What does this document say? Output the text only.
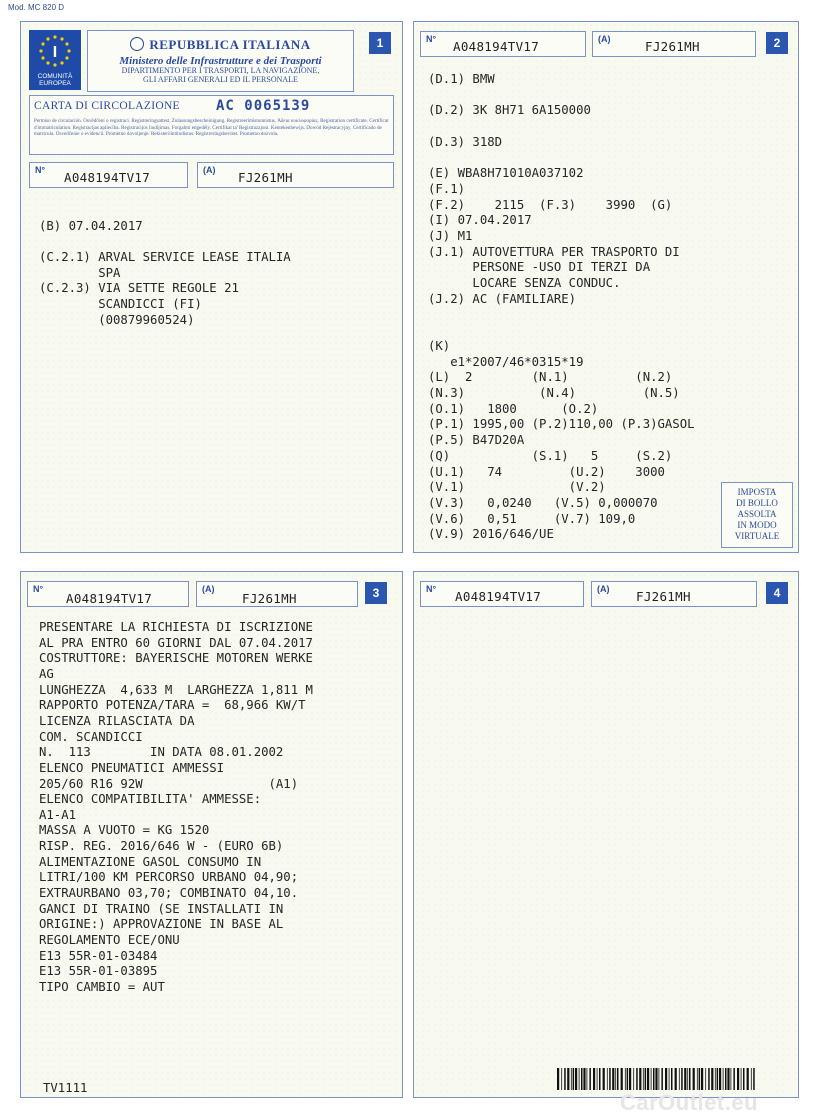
Mod. MC 820 D
I
COMUNITÀ EUROPEA
REPUBBLICA ITALIANA
Ministero delle Infrastrutture e dei Trasporti
DIPARTIMENTO PER I TRASPORTI, LA NAVIGAZIONE,
GLI AFFARI GENERALI ED IL PERSONALE
1
CARTA DI CIRCOLAZIONE	AC 0065139
Permiso de circulación. Osvědčení o registraci. Registreringsattest. Zulassungsbescheinigung. Registreerimistunnistus. Άδεια κυκλοφορίας. Registration certificate. Certificat d'immatriculation. Registracijas apliecība. Registracijos liudijimas. Forgalmi engedély. Certifikat ta' Registrazzjoni. Kentekenbewijs. Dowód Rejestracyjny. Certificado de matrícula. Osvedčenie o evidencii. Prometno dovoljenje. Rekisteröintitodistus. Registreringsbeviset. Prometno dozvola.
N° A048194TV17	(A) FJ261MH
(B) 07.04.2017
(C.2.1) ARVAL SERVICE LEASE ITALIA
SPA
(C.2.3) VIA SETTE REGOLE 21
SCANDICCI (FI)
(00879960524)
N° A048194TV17	(A)	FJ261MH	2
(D.1) BMW
(D.2) 3K 8H71 6A150000
(D.3) 318D
(E) WBA8H71010A037102
(F.1)
(F.2)    2115  (F.3)    3990  (G)
(I) 07.04.2017
(J) M1
(J.1) AUTOVETTURA PER TRASPORTO DI
PERSONE -USO DI TERZI DA
LOCARE SENZA CONDUC.
(J.2) AC (FAMILIARE)
(K)
e1*2007/46*0315*19
(L)  2        (N.1)         (N.2)
(N.3)          (N.4)         (N.5)
(O.1)   1800      (O.2)
(P.1) 1995,00 (P.2)110,00 (P.3)GASOL
(P.5) B47D20A
(Q)           (S.1)   5     (S.2)
(U.1)   74         (U.2)    3000
(V.1)              (V.2)
(V.3)   0,0240   (V.5) 0,000070
(V.6)   0,51     (V.7) 109,0
(V.9) 2016/646/UE
IMPOSTA
DI BOLLO
ASSOLTA
IN MODO
VIRTUALE
N°
A048194TV17
(A)
FJ261MH	3
PRESENTARE LA RICHIESTA DI ISCRIZIONE
AL PRA ENTRO 60 GIORNI DAL 07.04.2017
COSTRUTTORE: BAYERISCHE MOTOREN WERKE
AG
LUNGHEZZA  4,633 M  LARGHEZZA 1,811 M
RAPPORTO POTENZA/TARA =  68,966 KW/T
LICENZA RILASCIATA DA
COM. SCANDICCI
N.  113        IN DATA 08.01.2002
ELENCO PNEUMATICI AMMESSI
205/60 R16 92W                 (A1)
ELENCO COMPATIBILITA' AMMESSE:
A1-A1
MASSA A VUOTO = KG 1520
RISP. REG. 2016/646 W - (EURO 6B)
ALIMENTAZIONE GASOL CONSUMO IN
LITRI/100 KM PERCORSO URBANO 04,90;
EXTRAURBANO 03,70; COMBINATO 04,10.
GANCI DI TRAINO (SE INSTALLATI IN
ORIGINE:) APPROVAZIONE IN BASE AL
REGOLAMENTO ECE/ONU
E13 55R-01-03484
E13 55R-01-03895
TIPO CAMBIO = AUT
TV1111
N° A048194TV17	(A) FJ261MH	4
CarOutlet.eu
